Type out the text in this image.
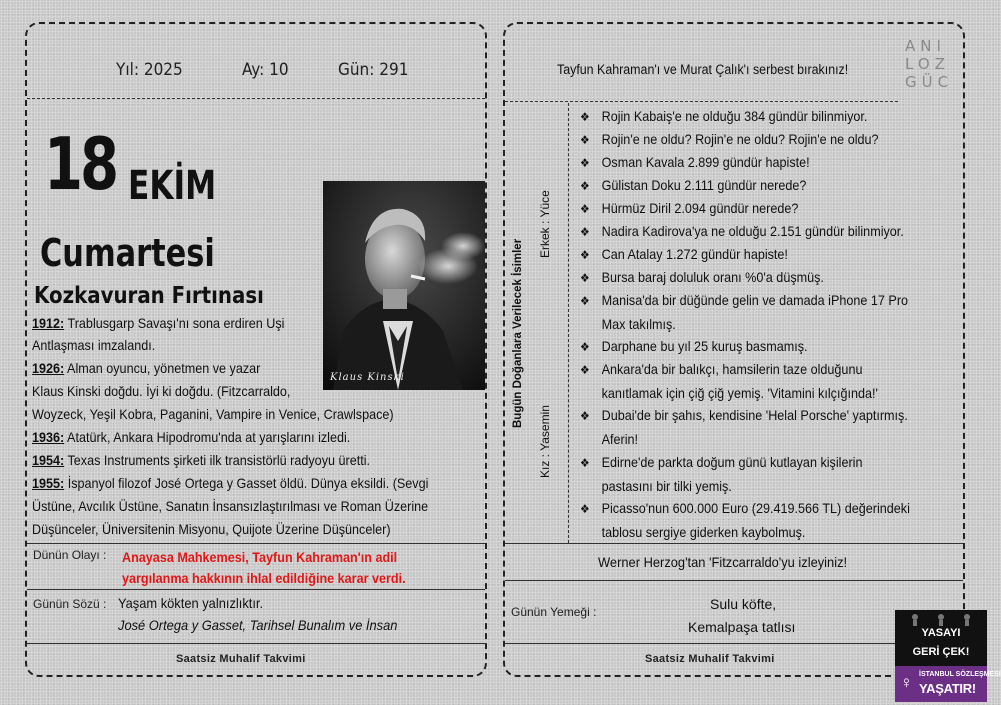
Yıl: 2025	Ay: 10	Gün: 291
18 EKİM
Cumartesi
Kozkavuran Fırtınası
Klaus Kinski
1912: Trablusgarp Savaşı'nı sona erdiren Uşi
Antlaşması imzalandı.
1926: Alman oyuncu, yönetmen ve yazar
Klaus Kinski doğdu. İyi ki doğdu. (Fitzcarraldo,
Woyzeck, Yeşil Kobra, Paganini, Vampire in Venice, Crawlspace)
1936: Atatürk, Ankara Hipodromu'nda at yarışlarını izledi.
1954: Texas Instruments şirketi ilk transistörlü radyoyu üretti.
1955: İspanyol filozof José Ortega y Gasset öldü. Dünya eksildi. (Sevgi
Üstüne, Avcılık Üstüne, Sanatın İnsansızlaştırılması ve Roman Üzerine
Düşünceler, Üniversitenin Misyonu, Quijote Üzerine Düşünceler)
Dünün Olayı : Anayasa Mahkemesi, Tayfun Kahraman'ın adil
yargılanma hakkının ihlal edildiğine karar verdi.
Günün Sözü : Yaşam kökten yalnızlıktır.
José Ortega y Gasset, Tarihsel Bunalım ve İnsan
Saatsiz Muhalif Takvimi
Tayfun Kahraman'ı ve Murat Çalık'ı serbest bırakınız!
ANI
LOZ
GÜC
Bugün Doğanlara Verilecek İsimler
Erkek : Yüce
Kız : Yasemin
❖ Rojin Kabaiş'e ne olduğu 384 gündür bilinmiyor.
❖ Rojin'e ne oldu? Rojin'e ne oldu? Rojin'e ne oldu?
❖ Osman Kavala 2.899 gündür hapiste!
❖ Gülistan Doku 2.111 gündür nerede?
❖ Hürmüz Diril 2.094 gündür nerede?
❖ Nadira Kadirova'ya ne olduğu 2.151 gündür bilinmiyor.
❖ Can Atalay 1.272 gündür hapiste!
❖ Bursa baraj doluluk oranı %0'a düşmüş.
❖ Manisa'da bir düğünde gelin ve damada iPhone 17 Pro
Max takılmış.
❖ Darphane bu yıl 25 kuruş basmamış.
❖ Ankara'da bir balıkçı, hamsilerin taze olduğunu
kanıtlamak için çiğ çiğ yemiş. 'Vitamini kılçığında!'
❖ Dubai'de bir şahıs, kendisine 'Helal Porsche' yaptırmış.
Aferin!
❖ Edirne'de parkta doğum günü kutlayan kişilerin
pastasını bir tilki yemiş.
❖ Picasso'nun 600.000 Euro (29.419.566 TL) değerindeki
tablosu sergiye giderken kaybolmuş.
Werner Herzog'tan 'Fitzcarraldo'yu izleyiniz!
Günün Yemeği :	Sulu köfte,
Kemalpaşa tatlısı
Saatsiz Muhalif Takvimi
YASAYI
GERİ ÇEK!
♀ İSTANBUL SÖZLEŞMESİ
YAŞATIR!
